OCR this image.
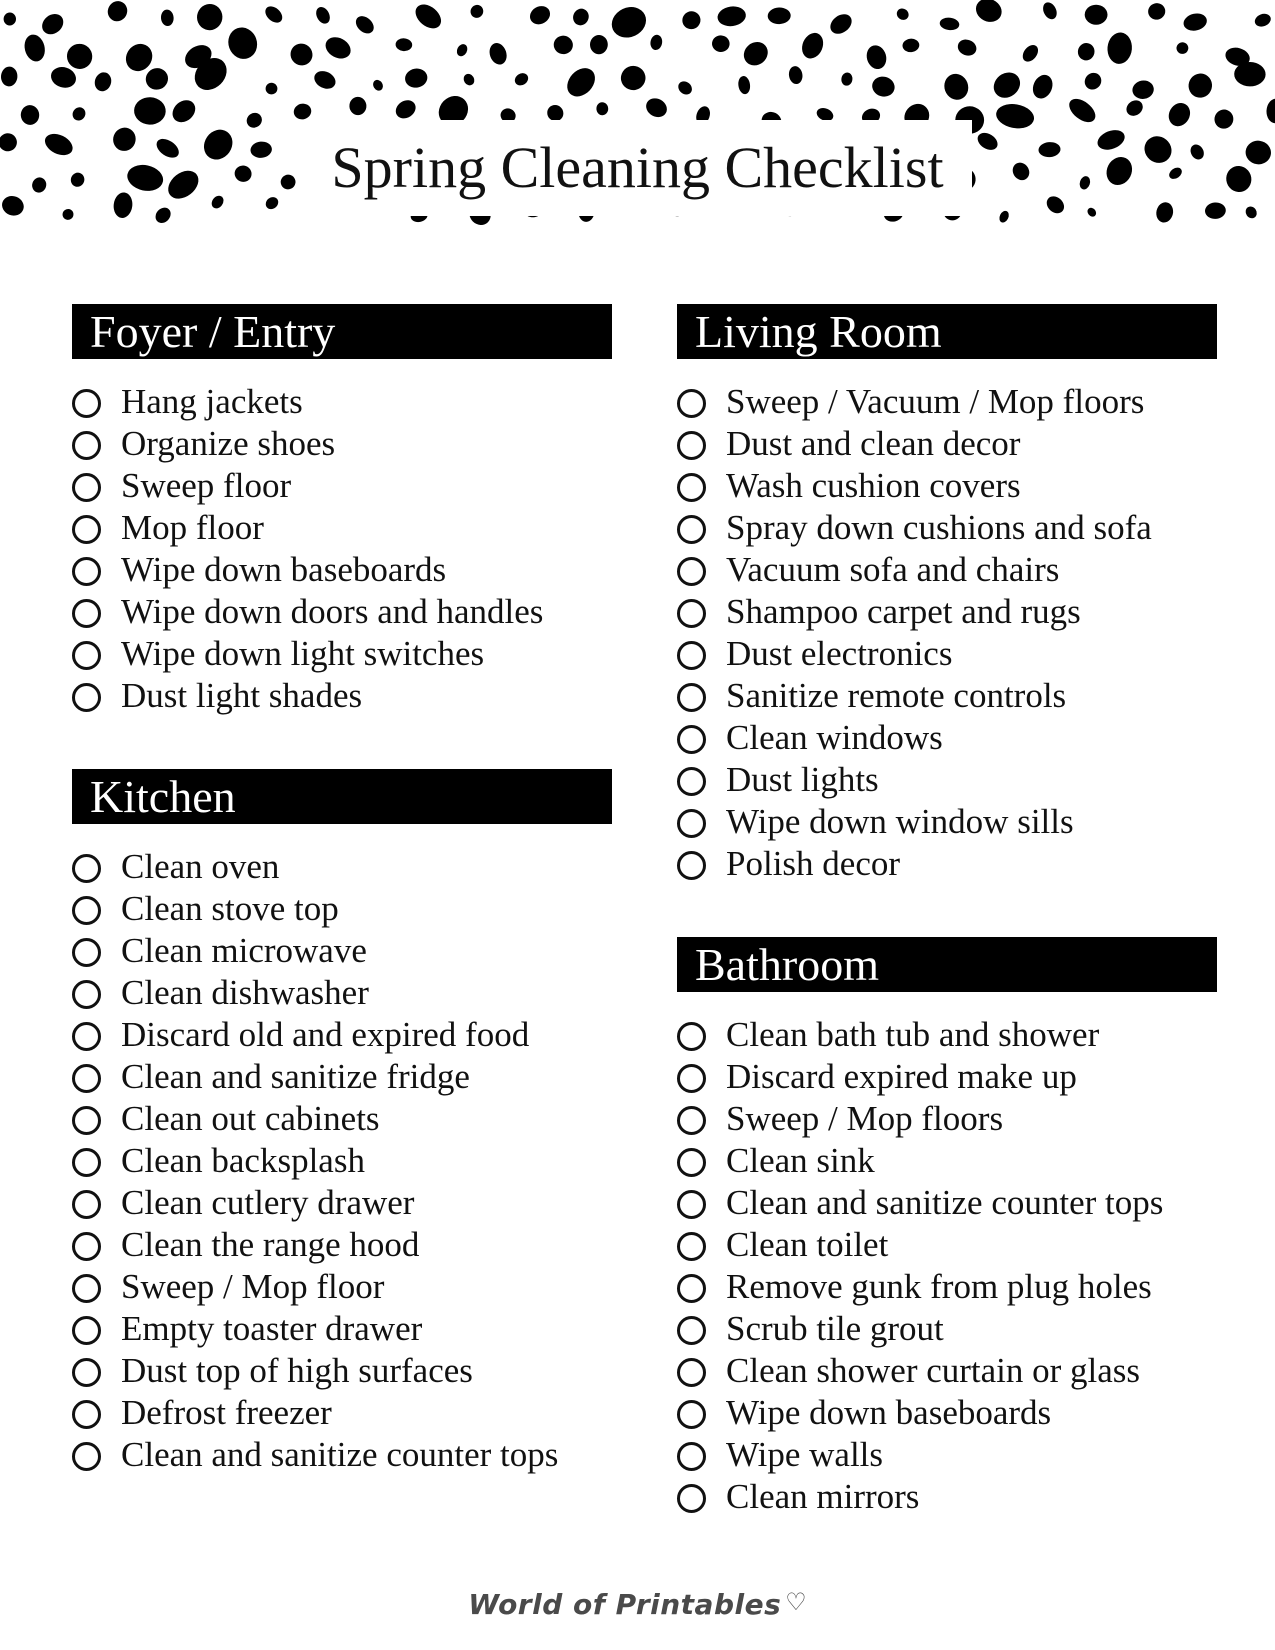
Spring Cleaning Checklist
Foyer / Entry
Hang jackets
Organize shoes
Sweep floor
Mop floor
Wipe down baseboards
Wipe down doors and handles
Wipe down light switches
Dust light shades
Kitchen
Clean oven
Clean stove top
Clean microwave
Clean dishwasher
Discard old and expired food
Clean and sanitize fridge
Clean out cabinets
Clean backsplash
Clean cutlery drawer
Clean the range hood
Sweep / Mop floor
Empty toaster drawer
Dust top of high surfaces
Defrost freezer
Clean and sanitize counter tops
Living Room
Sweep / Vacuum / Mop floors
Dust and clean decor
Wash cushion covers
Spray down cushions and sofa
Vacuum sofa and chairs
Shampoo carpet and rugs
Dust electronics
Sanitize remote controls
Clean windows
Dust lights
Wipe down window sills
Polish decor
Bathroom
Clean bath tub and shower
Discard expired make up
Sweep / Mop floors
Clean sink
Clean and sanitize counter tops
Clean toilet
Remove gunk from plug holes
Scrub tile grout
Clean shower curtain or glass
Wipe down baseboards
Wipe walls
Clean mirrors
World of Printables ♡
